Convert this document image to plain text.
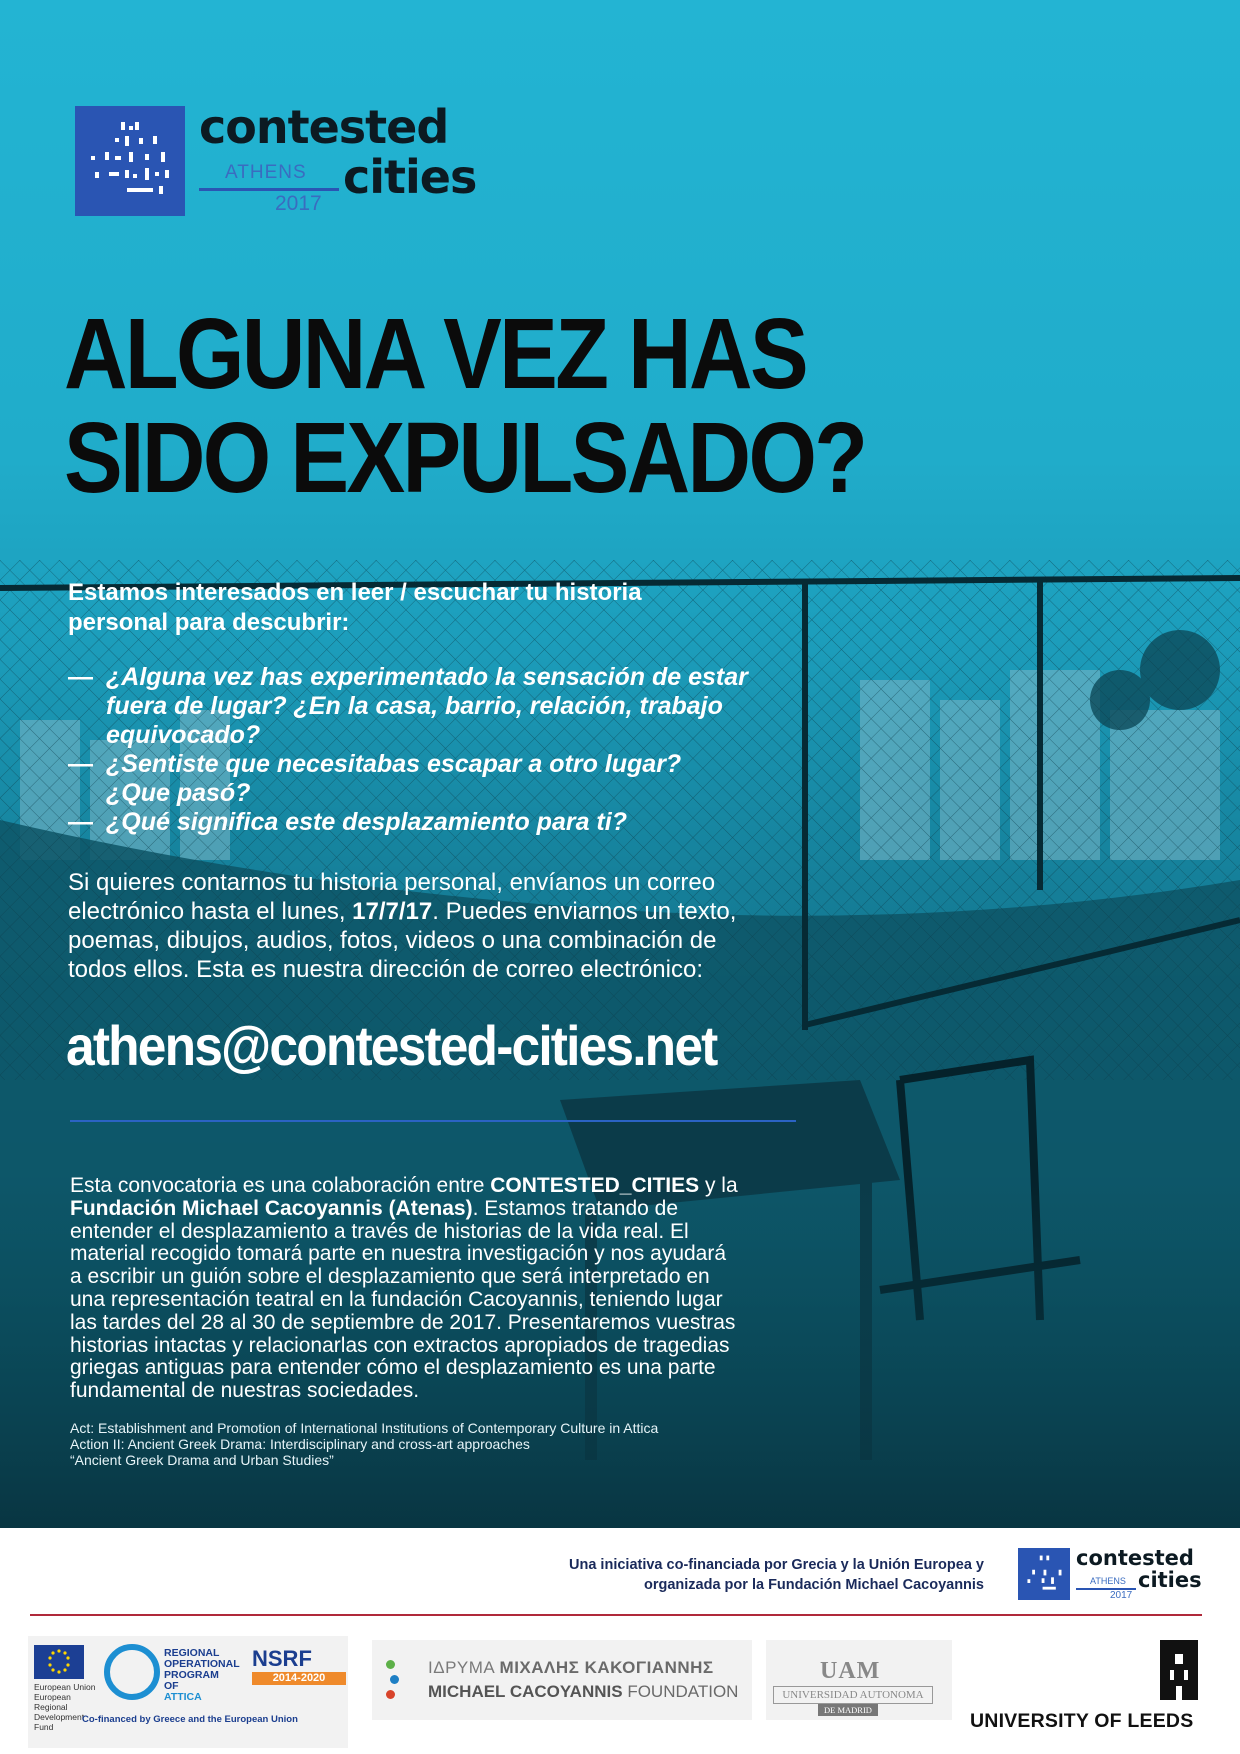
contested
ATHENS cities
2017
ALGUNA VEZ HAS
SIDO EXPULSADO?
Estamos interesados en leer / escuchar tu historia
personal para descubrir:
— ¿Alguna vez has experimentado la sensación de estar
fuera de lugar? ¿En la casa, barrio, relación, trabajo
equivocado?
— ¿Sentiste que necesitabas escapar a otro lugar?
¿Que pasó?
— ¿Qué significa este desplazamiento para ti?
Si quieres contarnos tu historia personal, envíanos un correo
electrónico hasta el lunes, 17/7/17. Puedes enviarnos un texto,
poemas, dibujos, audios, fotos, videos o una combinación de
todos ellos. Esta es nuestra dirección de correo electrónico:
athens@contested-cities.net
Esta convocatoria es una colaboración entre CONTESTED_CITIES y la
Fundación Michael Cacoyannis (Atenas). Estamos tratando de
entender el desplazamiento a través de historias de la vida real. El
material recogido tomará parte en nuestra investigación y nos ayudará
a escribir un guión sobre el desplazamiento que será interpretado en
una representación teatral en la fundación Cacoyannis, teniendo lugar
las tardes del 28 al 30 de septiembre de 2017. Presentaremos vuestras
historias intactas y relacionarlas con extractos apropiados de tragedias
griegas antiguas para entender cómo el desplazamiento es una parte
fundamental de nuestras sociedades.
Act: Establishment and Promotion of International Institutions of Contemporary Culture in Attica
Action II: Ancient Greek Drama: Interdisciplinary and cross-art approaches
“Ancient Greek Drama and Urban Studies”
Una iniciativa co-financiada por Grecia y la Unión Europea y
organizada por la Fundación Michael Cacoyannis
contested
ATHENS cities
2017
European Union
European Regional Development Fund
REGIONAL
OPERATIONAL
PROGRAM OF
ATTICA
NSRF
2014-2020
Co-financed by Greece and the European Union
ΙΔΡΥΜΑ ΜΙΧΑΛΗΣ ΚΑΚΟΓΙΑΝΝΗΣ
MICHAEL CACOYANNIS FOUNDATION
UAM
UNIVERSIDAD AUTONOMA
DE MADRID	UNIVERSITY OF LEEDS
